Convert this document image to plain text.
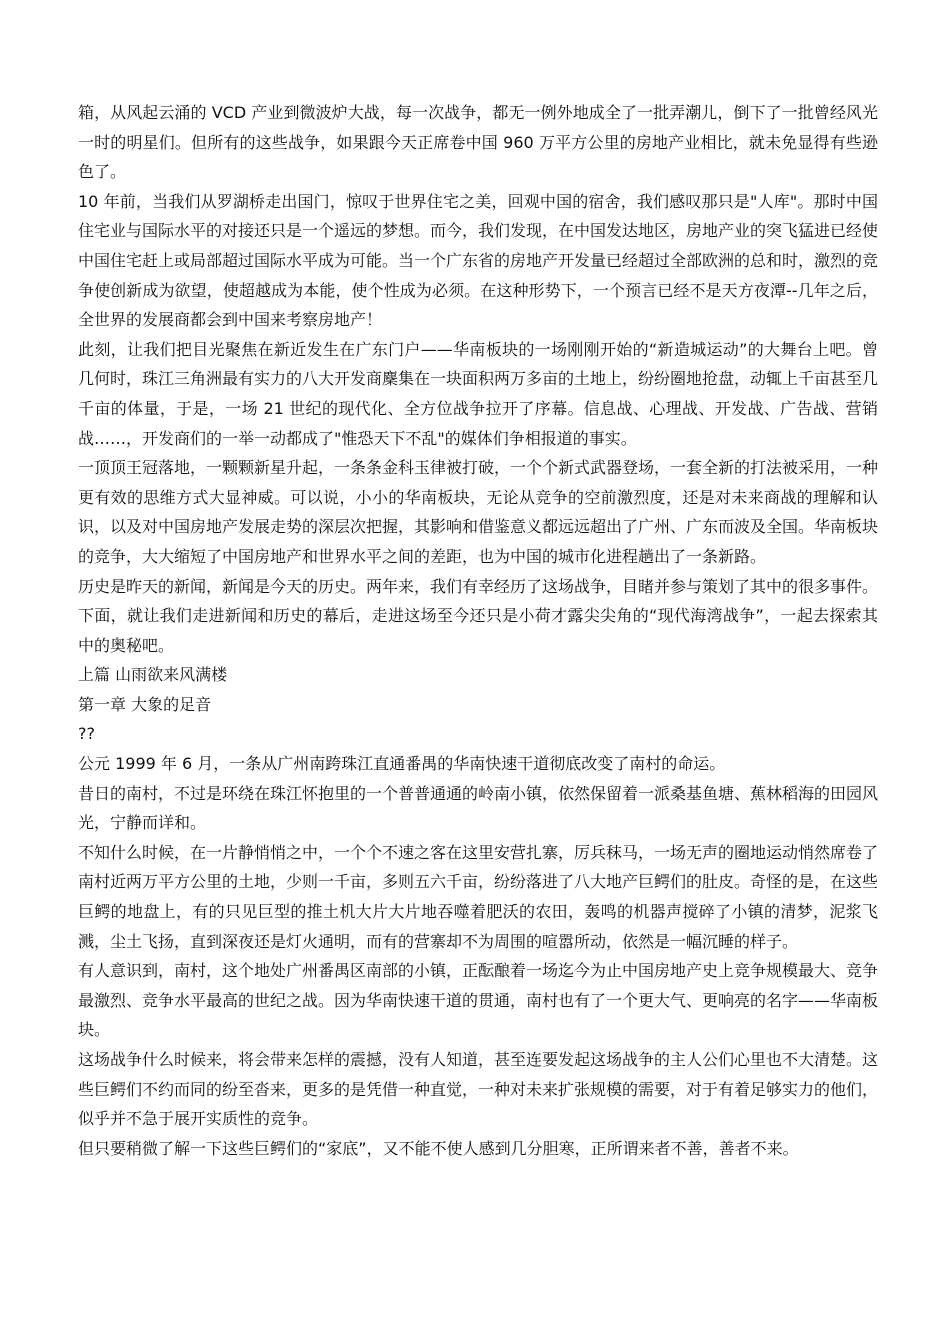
箱，从风起云涌的 VCD 产业到微波炉大战，每一次战争，都无一例外地成全了一批弄潮儿，倒下了一批曾经风光一时的明星们。但所有的这些战争，如果跟今天正席卷中国 960 万平方公里的房地产业相比，就未免显得有些逊色了。

10 年前，当我们从罗湖桥走出国门，惊叹于世界住宅之美，回观中国的宿舍，我们感叹那只是"人库"。那时中国住宅业与国际水平的对接还只是一个遥远的梦想。而今，我们发现，在中国发达地区，房地产业的突飞猛进已经使中国住宅赶上或局部超过国际水平成为可能。当一个广东省的房地产开发量已经超过全部欧洲的总和时，激烈的竞争使创新成为欲望，使超越成为本能，使个性成为必须。在这种形势下，一个预言已经不是天方夜潭--几年之后，全世界的发展商都会到中国来考察房地产！

此刻，让我们把目光聚焦在新近发生在广东门户——华南板块的一场刚刚开始的“新造城运动”的大舞台上吧。曾几何时，珠江三角洲最有实力的八大开发商麇集在一块面积两万多亩的土地上，纷纷圈地抢盘，动辄上千亩甚至几千亩的体量，于是，一场 21 世纪的现代化、全方位战争拉开了序幕。信息战、心理战、开发战、广告战、营销战……，开发商们的一举一动都成了"惟恐天下不乱"的媒体们争相报道的事实。

一顶顶王冠落地，一颗颗新星升起，一条条金科玉律被打破，一个个新式武器登场，一套全新的打法被采用，一种更有效的思维方式大显神威。可以说，小小的华南板块，无论从竞争的空前激烈度，还是对未来商战的理解和认识，以及对中国房地产发展走势的深层次把握，其影响和借鉴意义都远远超出了广州、广东而波及全国。华南板块的竞争，大大缩短了中国房地产和世界水平之间的差距，也为中国的城市化进程趟出了一条新路。

历史是昨天的新闻，新闻是今天的历史。两年来，我们有幸经历了这场战争，目睹并参与策划了其中的很多事件。下面，就让我们走进新闻和历史的幕后，走进这场至今还只是小荷才露尖尖角的“现代海湾战争”，一起去探索其中的奥秘吧。

上篇 山雨欲来风满楼

第一章 大象的足音

??

公元 1999 年 6 月，一条从广州南跨珠江直通番禺的华南快速干道彻底改变了南村的命运。

昔日的南村，不过是环绕在珠江怀抱里的一个普普通通的岭南小镇，依然保留着一派桑基鱼塘、蕉林稻海的田园风光，宁静而详和。

不知什么时候，在一片静悄悄之中，一个个不速之客在这里安营扎寨，厉兵秣马，一场无声的圈地运动悄然席卷了南村近两万平方公里的土地，少则一千亩，多则五六千亩，纷纷落进了八大地产巨鳄们的肚皮。奇怪的是，在这些巨鳄的地盘上，有的只见巨型的推土机大片大片地吞噬着肥沃的农田，轰鸣的机器声搅碎了小镇的清梦，泥浆飞溅，尘土飞扬，直到深夜还是灯火通明，而有的营寨却不为周围的喧嚣所动，依然是一幅沉睡的样子。

有人意识到，南村，这个地处广州番禺区南部的小镇，正酝酿着一场迄今为止中国房地产史上竞争规模最大、竞争最激烈、竞争水平最高的世纪之战。因为华南快速干道的贯通，南村也有了一个更大气、更响亮的名字——华南板块。

这场战争什么时候来，将会带来怎样的震撼，没有人知道，甚至连要发起这场战争的主人公们心里也不大清楚。这些巨鳄们不约而同的纷至沓来，更多的是凭借一种直觉，一种对未来扩张规模的需要，对于有着足够实力的他们，似乎并不急于展开实质性的竞争。

但只要稍微了解一下这些巨鳄们的“家底”，又不能不使人感到几分胆寒，正所谓来者不善，善者不来。
